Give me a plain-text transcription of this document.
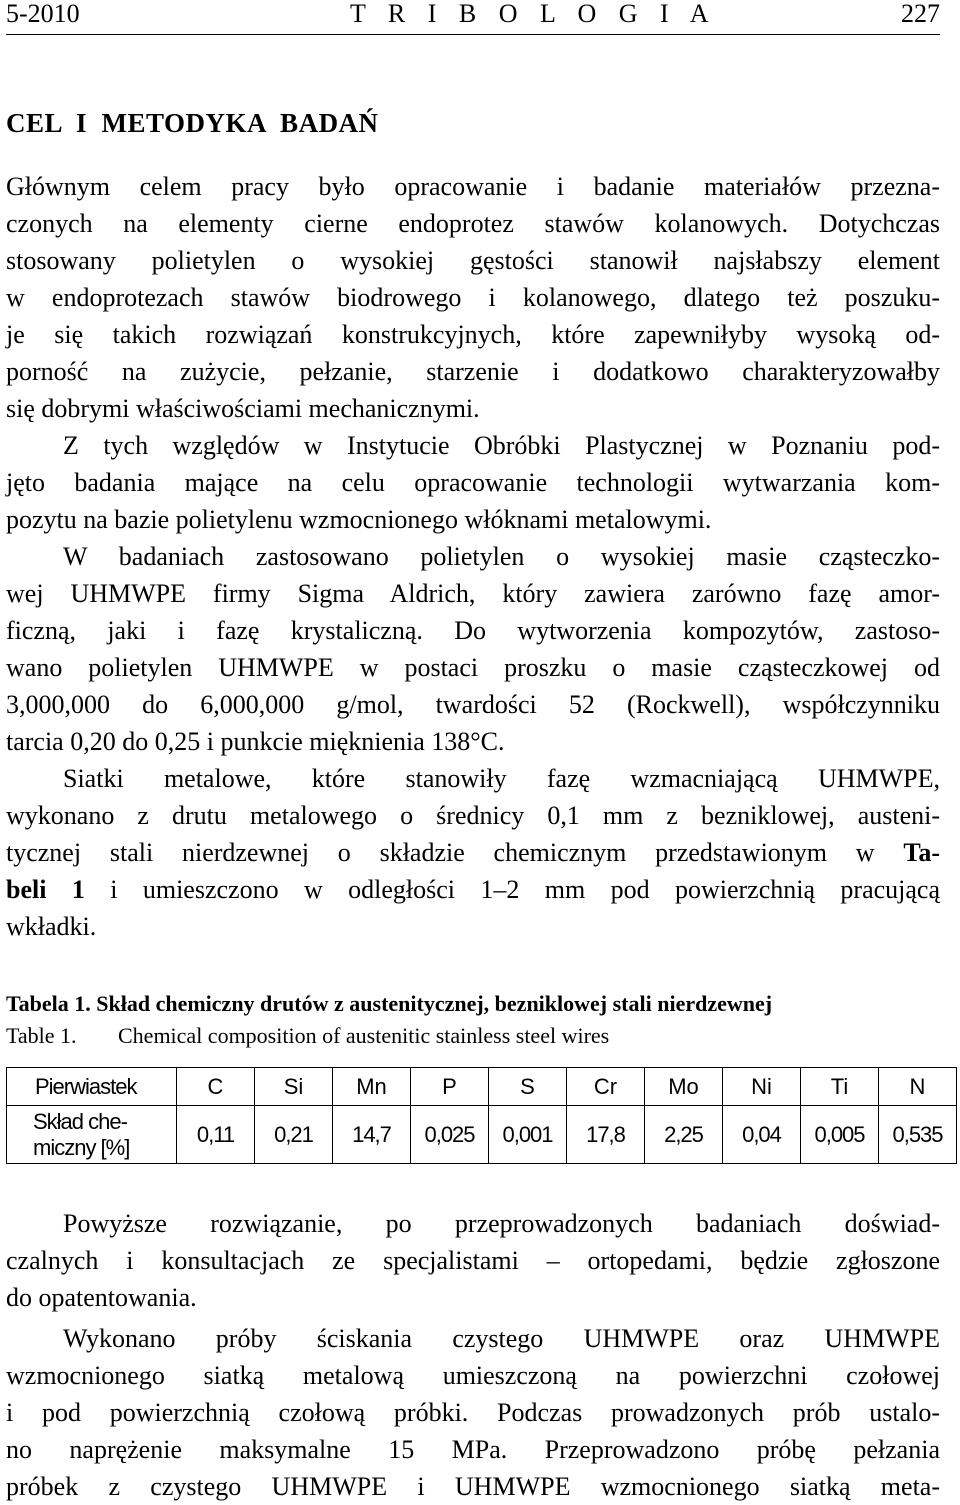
5-2010	T R I B O L O G I A	227
CEL  I  METODYKA  BADAŃ
Głównym celem pracy było opracowanie i badanie materiałów przezna-
czonych na elementy cierne endoprotez stawów kolanowych. Dotychczas
stosowany polietylen o wysokiej gęstości stanowił najsłabszy element
w endoprotezach stawów biodrowego i kolanowego, dlatego też poszuku-
je się takich rozwiązań konstrukcyjnych, które zapewniłyby wysoką od-
porność na zużycie, pełzanie, starzenie i dodatkowo charakteryzowałby
się dobrymi właściwościami mechanicznymi.
Z tych względów w Instytucie Obróbki Plastycznej w Poznaniu pod-
jęto badania mające na celu opracowanie technologii wytwarzania kom-
pozytu na bazie polietylenu wzmocnionego włóknami metalowymi.
W badaniach zastosowano polietylen o wysokiej masie cząsteczko-
wej UHMWPE firmy Sigma Aldrich, który zawiera zarówno fazę amor-
ficzną, jaki i fazę krystaliczną. Do wytworzenia kompozytów, zastoso-
wano polietylen UHMWPE w postaci proszku o masie cząsteczkowej od
3,000,000 do 6,000,000 g/mol, twardości 52 (Rockwell), współczynniku
tarcia 0,20 do 0,25 i punkcie mięknienia 138°C.
Siatki metalowe, które stanowiły fazę wzmacniającą UHMWPE,
wykonano z drutu metalowego o średnicy 0,1 mm z bezniklowej, austeni-
tycznej stali nierdzewnej o składzie chemicznym przedstawionym w Ta-
beli 1 i umieszczono w odległości 1–2 mm pod powierzchnią pracującą
wkładki.
Tabela 1. Skład chemiczny drutów z austenitycznej, bezniklowej stali nierdzewnej
Table 1. Chemical composition of austenitic stainless steel wires
Pierwiastek	C	Si	Mn	P	S	Cr	Mo	Ni	Ti	N

Skład che-
miczny [%]	0,11	0,21	14,7	0,025	0,001	17,8	2,25	0,04	0,005	0,535
Powyższe rozwiązanie, po przeprowadzonych badaniach doświad-
czalnych i konsultacjach ze specjalistami – ortopedami, będzie zgłoszone
do opatentowania.
Wykonano próby ściskania czystego UHMWPE oraz UHMWPE
wzmocnionego siatką metalową umieszczoną na powierzchni czołowej
i pod powierzchnią czołową próbki. Podczas prowadzonych prób ustalo-
no naprężenie maksymalne 15 MPa. Przeprowadzono próbę pełzania
próbek z czystego UHMWPE i UHMWPE wzmocnionego siatką meta-
